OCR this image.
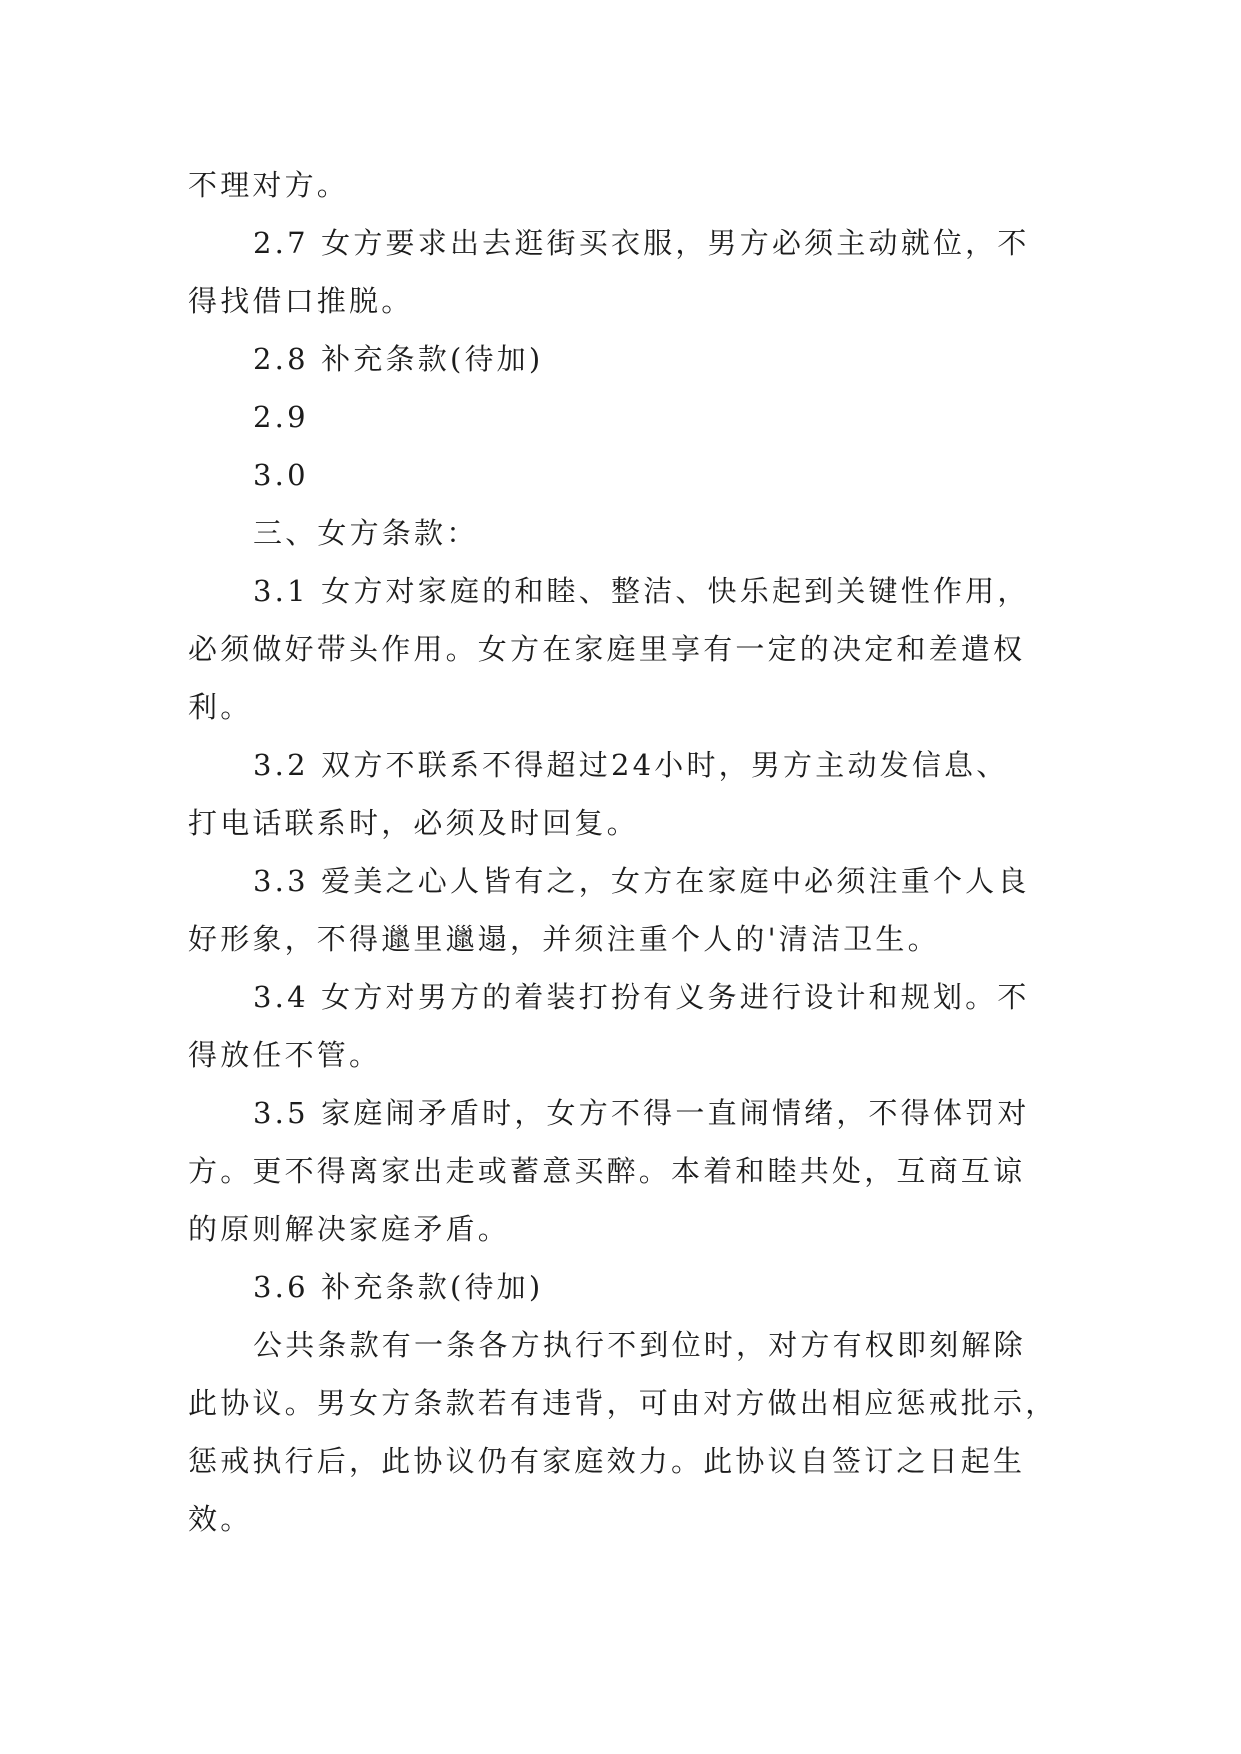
不理对方。
2.7 女方要求出去逛街买衣服，男方必须主动就位，不
得找借口推脱。
2.8 补充条款(待加)
2.9
3.0
三、女方条款：
3.1 女方对家庭的和睦、整洁、快乐起到关键性作用，
必须做好带头作用。女方在家庭里享有一定的决定和差遣权
利。
3.2 双方不联系不得超过24小时，男方主动发信息、
打电话联系时，必须及时回复。
3.3 爱美之心人皆有之，女方在家庭中必须注重个人良
好形象，不得邋里邋遢，并须注重个人的'清洁卫生。
3.4 女方对男方的着装打扮有义务进行设计和规划。不
得放任不管。
3.5 家庭闹矛盾时，女方不得一直闹情绪，不得体罚对
方。更不得离家出走或蓄意买醉。本着和睦共处，互商互谅
的原则解决家庭矛盾。
3.6 补充条款(待加)
公共条款有一条各方执行不到位时，对方有权即刻解除
此协议。男女方条款若有违背，可由对方做出相应惩戒批示，
惩戒执行后，此协议仍有家庭效力。此协议自签订之日起生
效。
